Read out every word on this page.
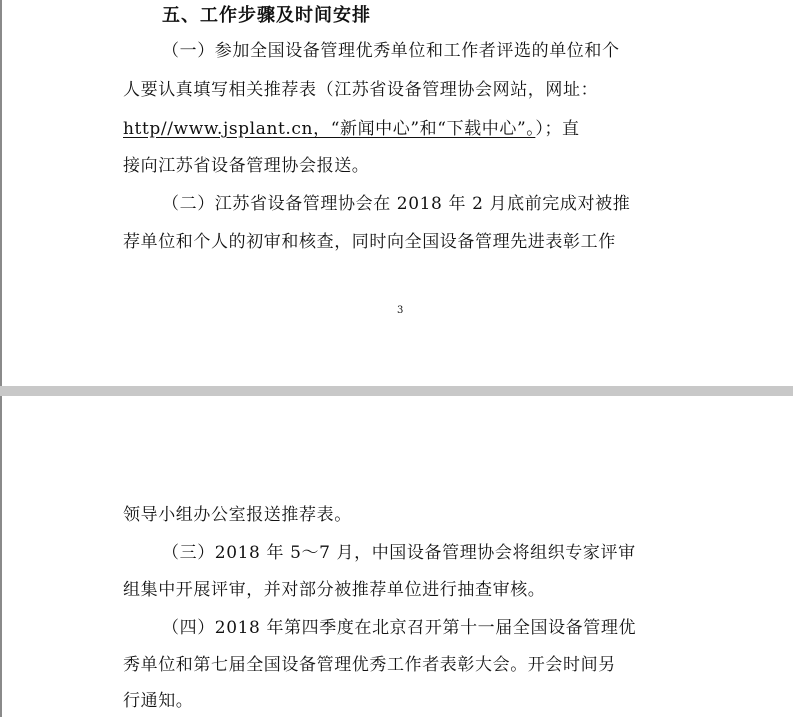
五、工作步骤及时间安排
（一）参加全国设备管理优秀单位和工作者评选的单位和个
人要认真填写相关推荐表（江苏省设备管理协会网站，网址：
http//www.jsplant.cn，“新闻中心”和“下载中心”。）；直
接向江苏省设备管理协会报送。
（二）江苏省设备管理协会在 2018 年 2 月底前完成对被推
荐单位和个人的初审和核查，同时向全国设备管理先进表彰工作
3
领导小组办公室报送推荐表。
（三）2018 年 5～7 月，中国设备管理协会将组织专家评审
组集中开展评审，并对部分被推荐单位进行抽查审核。
（四）2018 年第四季度在北京召开第十一届全国设备管理优
秀单位和第七届全国设备管理优秀工作者表彰大会。开会时间另
行通知。
